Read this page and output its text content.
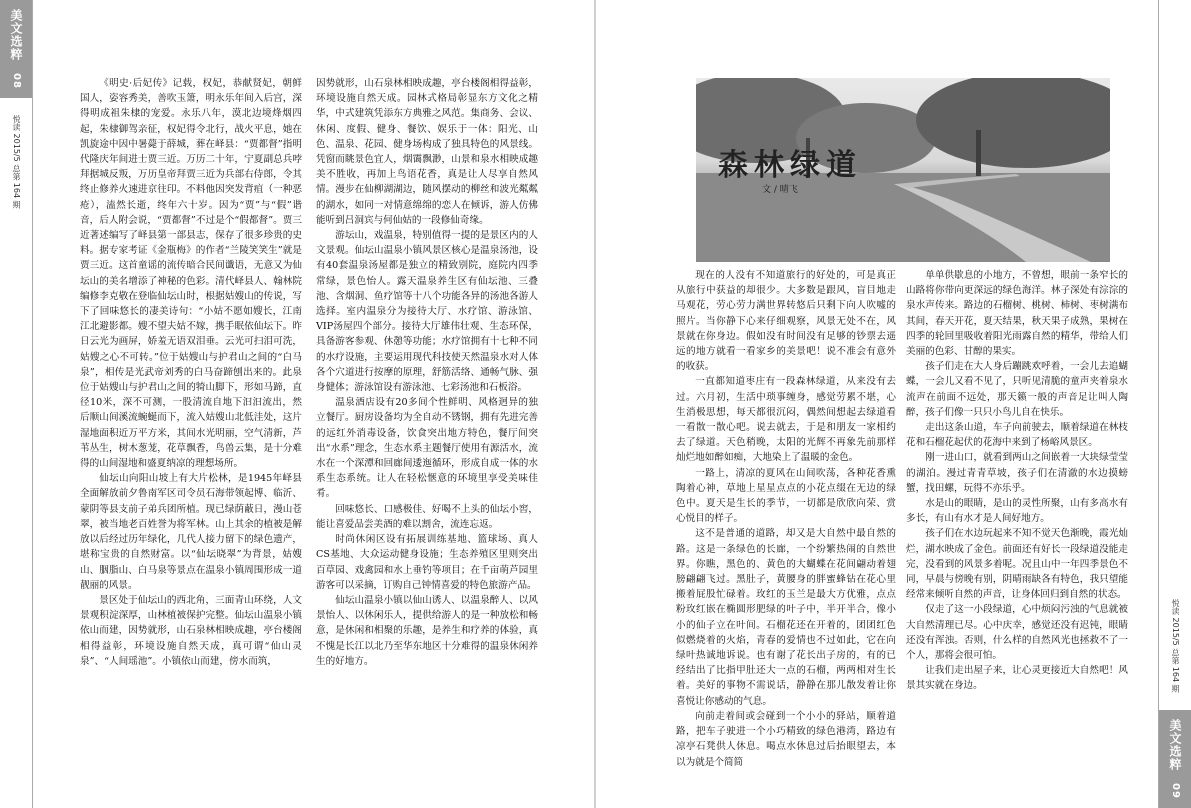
美文选粹 08
悦读 2015/5 总第 164 期

《明史·后妃传》记载，权妃，恭献贤妃，朝鲜国人，姿容秀美，善吹玉箫，明永乐年间入后宫，深得明成祖朱棣的宠爱。永乐八年，漠北边境烽烟四起，朱棣御驾亲征，权妃得令北行，战火平息，她在凯旋途中因中暑薨于薛城，葬在峄县：“贾都督”指明代隆庆年间进士贾三近。万历二十年，宁夏副总兵哱拜据城反叛，万历皇帝拜贾三近为兵部右侍郎，令其终止修养火速进京往印。不料他因突发背疽（一种恶疮），溘然长逝，终年六十岁。因为“贾”与“假”谐音，后人附会说，“贾都督”不过是个“假都督”。贾三近著述编写了峄县第一部县志，保存了很多珍贵的史料。据专家考证《金瓶梅》的作者“兰陵笑笑生”就是贾三近。这首童谣的流传暗合民间谶语，无意又为仙坛山的美名增添了神秘的色彩。清代峄县人、翰林院编修李克敬在登临仙坛山时，根据姑嫂山的传说，写下了回味悠长的凄美诗句：“小姑不愿如嫂长，江南江北避影都。嫂不望夫姑不嫁，携手眠依仙坛下。昨日云光为画屏，娇羞无语双泪垂。云光可扫泪可洗，姑嫂之心不可转。”位于姑嫂山与护君山之间的“白马泉”，相传是光武帝刘秀的白马奋蹄刨出来的。此泉位于姑嫂山与护君山之间的犄山脚下，形如马蹄，直径10米，深不可测，一股清流自地下汩汩流出，然后顺山间溪流蜿蜒而下，流入姑嫂山北低洼处，这片湿地面积近万平方米，其间水光明丽，空气清新，芦苇丛生，树木葱茏，花草飘香，鸟兽云集，是十分难得的山间湿地和盛夏纳凉的理想场所。

仙坛山向阳山坡上有大片松林，是1945年峄县全面解放前夕鲁南军区司令员石海带领起博、临沂、蒙阴等县支前子弟兵团所植。现已绿荫蔽日，漫山苍翠，被当地老百姓誉为将军林。山上其余的植被是解放以后经过历年绿化，几代人接力留下的绿色遗产，堪称宝贵的自然财富。以“仙坛晓翠”为背景，姑嫂山、胭脂山、白马泉等景点在温泉小镇周围形成一道靓丽的风景。

景区处于仙坛山的西北角，三面青山环绕，人文景观积淀深厚，山林植被保护完整。仙坛山温泉小镇依山而建，因势就形，山石泉林相映成趣，亭台楼阁相得益彰，环境设施自然天成，真可谓“仙山灵泉”、“人间瑶池”。小镇依山而建，傍水而筑，

因势就形，山石泉林相映成趣，亭台楼阁相得益彰，环境设施自然天成。园林式格局彰显东方文化之精华，中式建筑凭添东方典雅之风范。集商务、会议、休闲、度假、健身、餐饮、娱乐于一体：阳光、山色、温泉、花园、健身场构成了独具特色的风景线。凭窗而眺景色宜人，烟霭飘渺，山景和泉水相映成趣美不胜收，再加上鸟语花香，真是让人尽享自然风情。漫步在仙柳湖湖边，随风摆动的柳丝和波光粼粼的湖水，如同一对情意绵绵的恋人在倾诉，游人仿佛能听到吕洞宾与何仙姑的一段修仙奇缘。

游坛山，戏温泉，特别值得一提的是景区内的人文景观。仙坛山温泉小镇风景区核心是温泉汤池，设有40套温泉汤屋都是独立的精致别院，庭院内四季常绿，景色怡人。露天温泉养生区有仙坛池、三叠池、含烟洞、鱼疗馆等十八个功能各异的汤池各游人选择。室内温泉分为接待大厅、水疗馆、游泳馆、VIP汤屋四个部分。接待大厅雄伟壮观、生态环保，具备游客参观、休憩等功能；水疗馆拥有十七种不同的水疗设施，主要运用现代科技使天然温泉水对人体各个穴道进行按摩的原理，舒筋活络、通畅气脉、强身健体；游泳馆设有游泳池、七彩汤池和石板浴。

温泉酒店设有20多间个性鲜明、风格迥异的独立餐厅。厨房设备均为全自动不锈钢，拥有先进完善的远红外消毒设备，饮食突出地方特色，餐厅间突出“水系”理念，生态水系主题餐厅使用有源活水，流水在一个深潭和回廊间逶迤循环，形成自成一体的水系生态系统。让人在轻松惬意的环境里享受美味佳肴。

回味悠长、口感极佳、好喝不上头的仙坛小窖，能让喜爱品尝美酒的难以割舍，流连忘返。

时尚休闲区设有拓展训练基地、篮球场、真人CS基地、大众运动健身设施；生态养殖区里则突出百草园、戏禽园和水上垂钓等项目；在千亩萌芦园里游客可以采摘，订购自己钟情喜爱的特色旅游产品。

仙坛山温泉小镇以仙山诱人、以温泉醉人、以风景怡人、以休闲乐人，提供给游人的是一种放松和畅意，是休闲和相聚的乐趣，是养生和疗养的体验，真不愧是长江以北乃至华东地区十分难得的温泉休闲养生的好地方。

森林绿道
文 / 晴飞

现在的人没有不知道旅行的好处的，可是真正从旅行中获益的却很少。大多数是跟风，盲目地走马观花，劳心劳力满世界转悠后只剩下向人吹嘘的照片。当你静下心来仔细观察，风景无处不在，风景就在你身边。假如没有时间没有足够的钞票去遥远的地方就看一看家乡的美景吧！说不准会有意外的收获。

一直都知道枣庄有一段森林绿道，从来没有去过。六月初，生活中琐事缠身，感觉劳累不堪，心生消极思想，每天都很沉闷，偶然间想起去绿道看一看散一散心吧。说去就去，于是和朋友一家相约去了绿道。天色稍晚，太阳的光辉不再象先前那样灿烂地如醉如痴，大地染上了温暖的金色。

一路上，清凉的夏风在山间吹荡，各种花香熏陶着心神，草地上星星点点的小花点缀在无边的绿色中。夏天是生长的季节，一切都是欣欣向荣、赏心悦目的样子。

这不是普通的道路，却又是大自然中最自然的路。这是一条绿色的长廊，一个纷繁热闹的自然世界。你瞧，黑色的、黄色的大蝴蝶在花间翩动着翅膀翩翩飞过。黑肚子，黄腰身的胖蜜蜂钻在花心里搬着屁股忙碌着。玫红的玉兰是最大方优雅，点点粉玫红嵌在椭圆形肥绿的叶子中，半开半合，像小小的仙子立在叶间。石榴花还在开着的，团团红色似燃烧着的火焰，青春的爱情也不过如此，它在向绿叶热诚地诉说。也有谢了花长出子房的，有的已经结出了比指甲肚还大一点的石榴，两两相对生长着。美好的事物不需说话，静静在那儿散发着让你喜悦让你感动的气息。

向前走着间或会碰到一个小小的驿站，顺着道路，把车子驶进一个小巧精致的绿色港湾，路边有凉亭石凳供人休息。喝点水休息过后抬眼望去，本以为就是个简简

单单供歇息的小地方，不曾想，眼前一条窄长的山路将你带向更深远的绿色海洋。林子深处有淙淙的泉水声传来。路边的石榴树、桃树、柿树、枣树满布其间，春天开花，夏天结果，秋天果子成熟，果树在四季的轮回里吸收着阳光雨露自然的精华，带给人们美丽的色彩、甘醇的果实。

孩子们走在大人身后蹦跳欢呼着，一会儿去追蝴蝶，一会儿又看不见了，只听见清脆的童声夹着泉水流声在前面不远处，那天籁一般的声音足让叫人陶醉，孩子们像一只只小鸟儿自在快乐。

走出这条山道，车子向前驶去，顺着绿道在林枝花和石榴花起伏的花海中来到了杨峪风景区。

刚一进山口，就看到两山之间嵌着一大块绿莹莹的湖泊。漫过青青草坡，孩子们在清澈的水边摸螃蟹，找田螺，玩得不亦乐乎。

水是山的眼睛，是山的灵性所聚，山有多高水有多长，有山有水才是人间好地方。

孩子们在水边玩起来不知不觉天色渐晚，霞光灿烂，湖水映成了金色。前面还有好长一段绿道没能走完，没看到的风景多着呢。况且山中一年四季景色不同，早晨与傍晚有别，阴晴雨缺各有特色，我只望能经常来倾听自然的声音，让身体回归到自然的状态。

仅走了这一小段绿道，心中烦闷污浊的气息就被大自然清理已尽。心中庆幸，感觉还没有迟钝，眼睛还没有浑浊。否则，什么样的自然风光也拯救不了一个人，那将会很可怕。

让我们走出屋子来，让心灵更接近大自然吧！风景其实就在身边。	悦读 2015/5 总第 164 期
美文选粹 09
